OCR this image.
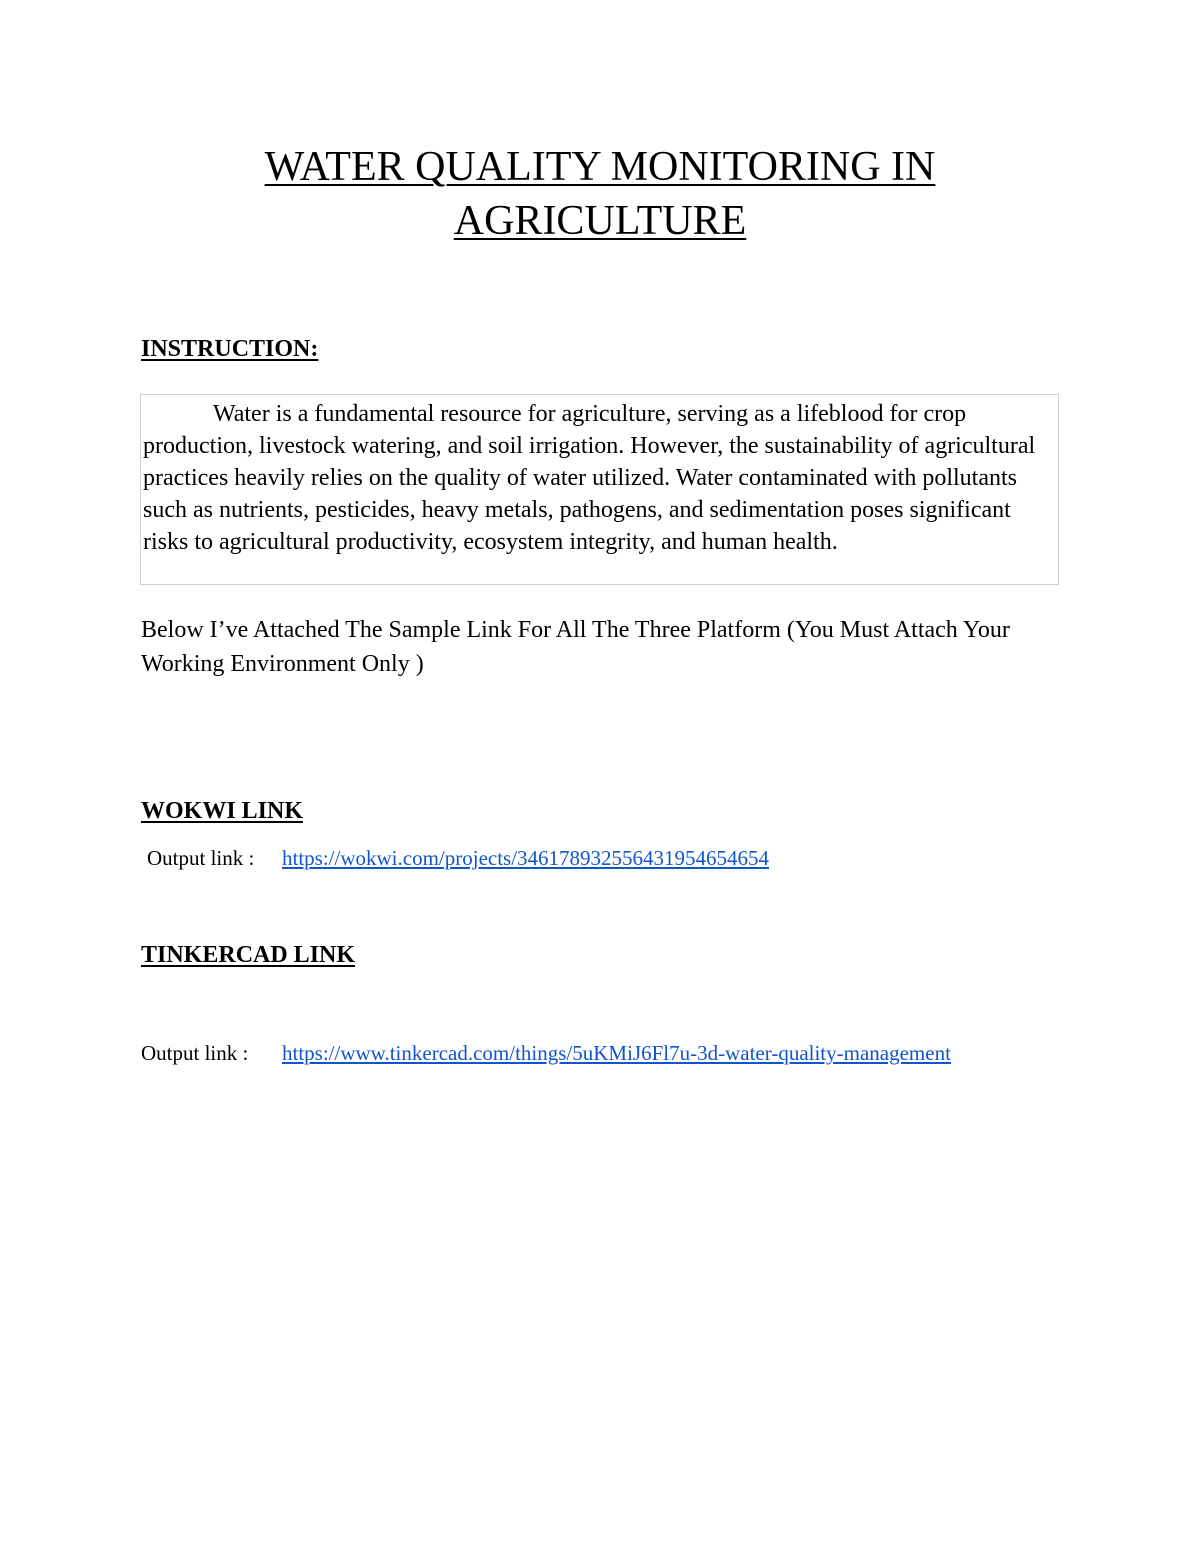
WATER QUALITY MONITORING IN
AGRICULTURE
INSTRUCTION:

Water is a fundamental resource for agriculture, serving as a lifeblood for crop production, livestock watering, and soil irrigation. However, the sustainability of agricultural practices heavily relies on the quality of water utilized. Water contaminated with pollutants such as nutrients, pesticides, heavy metals, pathogens, and sedimentation poses significant risks to agricultural productivity, ecosystem integrity, and human health.

Below I’ve Attached The Sample Link For All The Three Platform (You Must Attach Your Working Environment Only )

WOKWI LINK
Output link : https://wokwi.com/projects/346178932556431954654654
TINKERCAD LINK
Output link : https://www.tinkercad.com/things/5uKMiJ6Fl7u-3d-water-quality-management
